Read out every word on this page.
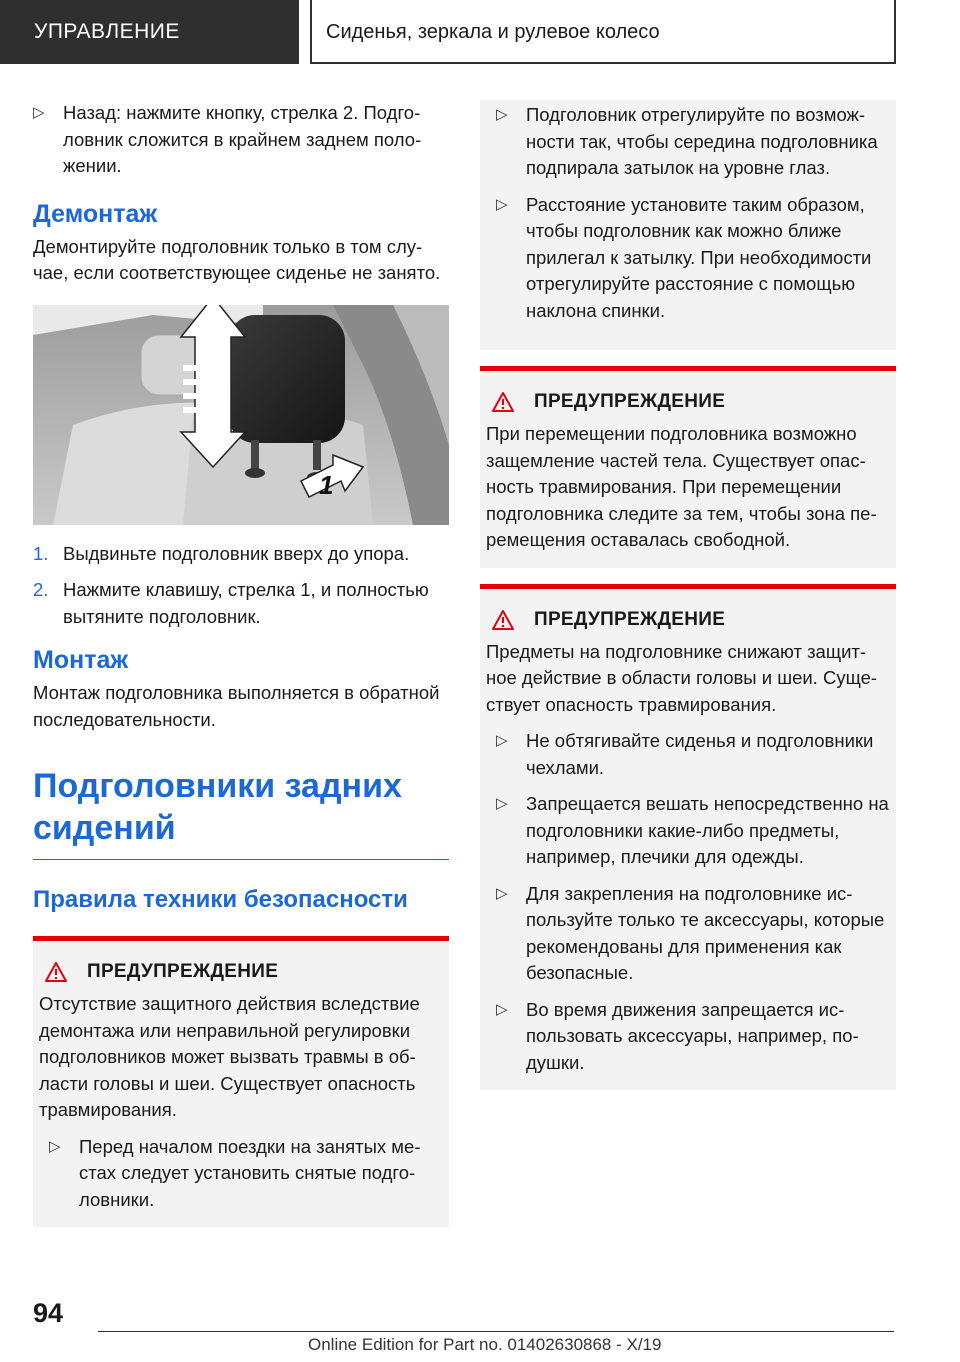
УПРАВЛЕНИЕ	Сиденья, зеркала и рулевое колесо
▷ Назад: нажмите кнопку, стрелка 2. Подголовник сложится в крайнем заднем положении.
Демонтаж

Демонтируйте подголовник только в том случае, если соответствующее сиденье не занято.

1
1. Выдвиньте подголовник вверх до упора.
2. Нажмите клавишу, стрелка 1, и полностью вытяните подголовник.
Монтаж

Монтаж подголовника выполняется в обратной последовательности.

Подголовники задних сидений
Правила техники безопасности
ПРЕДУПРЕЖДЕНИЕ

Отсутствие защитного действия вследствие демонтажа или неправильной регулировки подголовников может вызвать травмы в области головы и шеи. Существует опасность травмирования.

▷ Перед началом поездки на занятых местах следует установить снятые подголовники.
▷ Подголовник отрегулируйте по возможности так, чтобы середина подголовника подпирала затылок на уровне глаз.
▷ Расстояние установите таким образом, чтобы подголовник как можно ближе прилегал к затылку. При необходимости отрегулируйте расстояние с помощью наклона спинки.
ПРЕДУПРЕЖДЕНИЕ

При перемещении подголовника возможно защемление частей тела. Существует опасность травмирования. При перемещении подголовника следите за тем, чтобы зона перемещения оставалась свободной.

ПРЕДУПРЕЖДЕНИЕ

Предметы на подголовнике снижают защитное действие в области головы и шеи. Существует опасность травмирования.

▷ Не обтягивайте сиденья и подголовники чехлами.
▷ Запрещается вешать непосредственно на подголовники какие-либо предметы, например, плечики для одежды.
▷ Для закрепления на подголовнике используйте только те аксессуары, которые рекомендованы для применения как безопасные.
▷ Во время движения запрещается использовать аксессуары, например, подушки.
94
Online Edition for Part no. 01402630868 - X/19
